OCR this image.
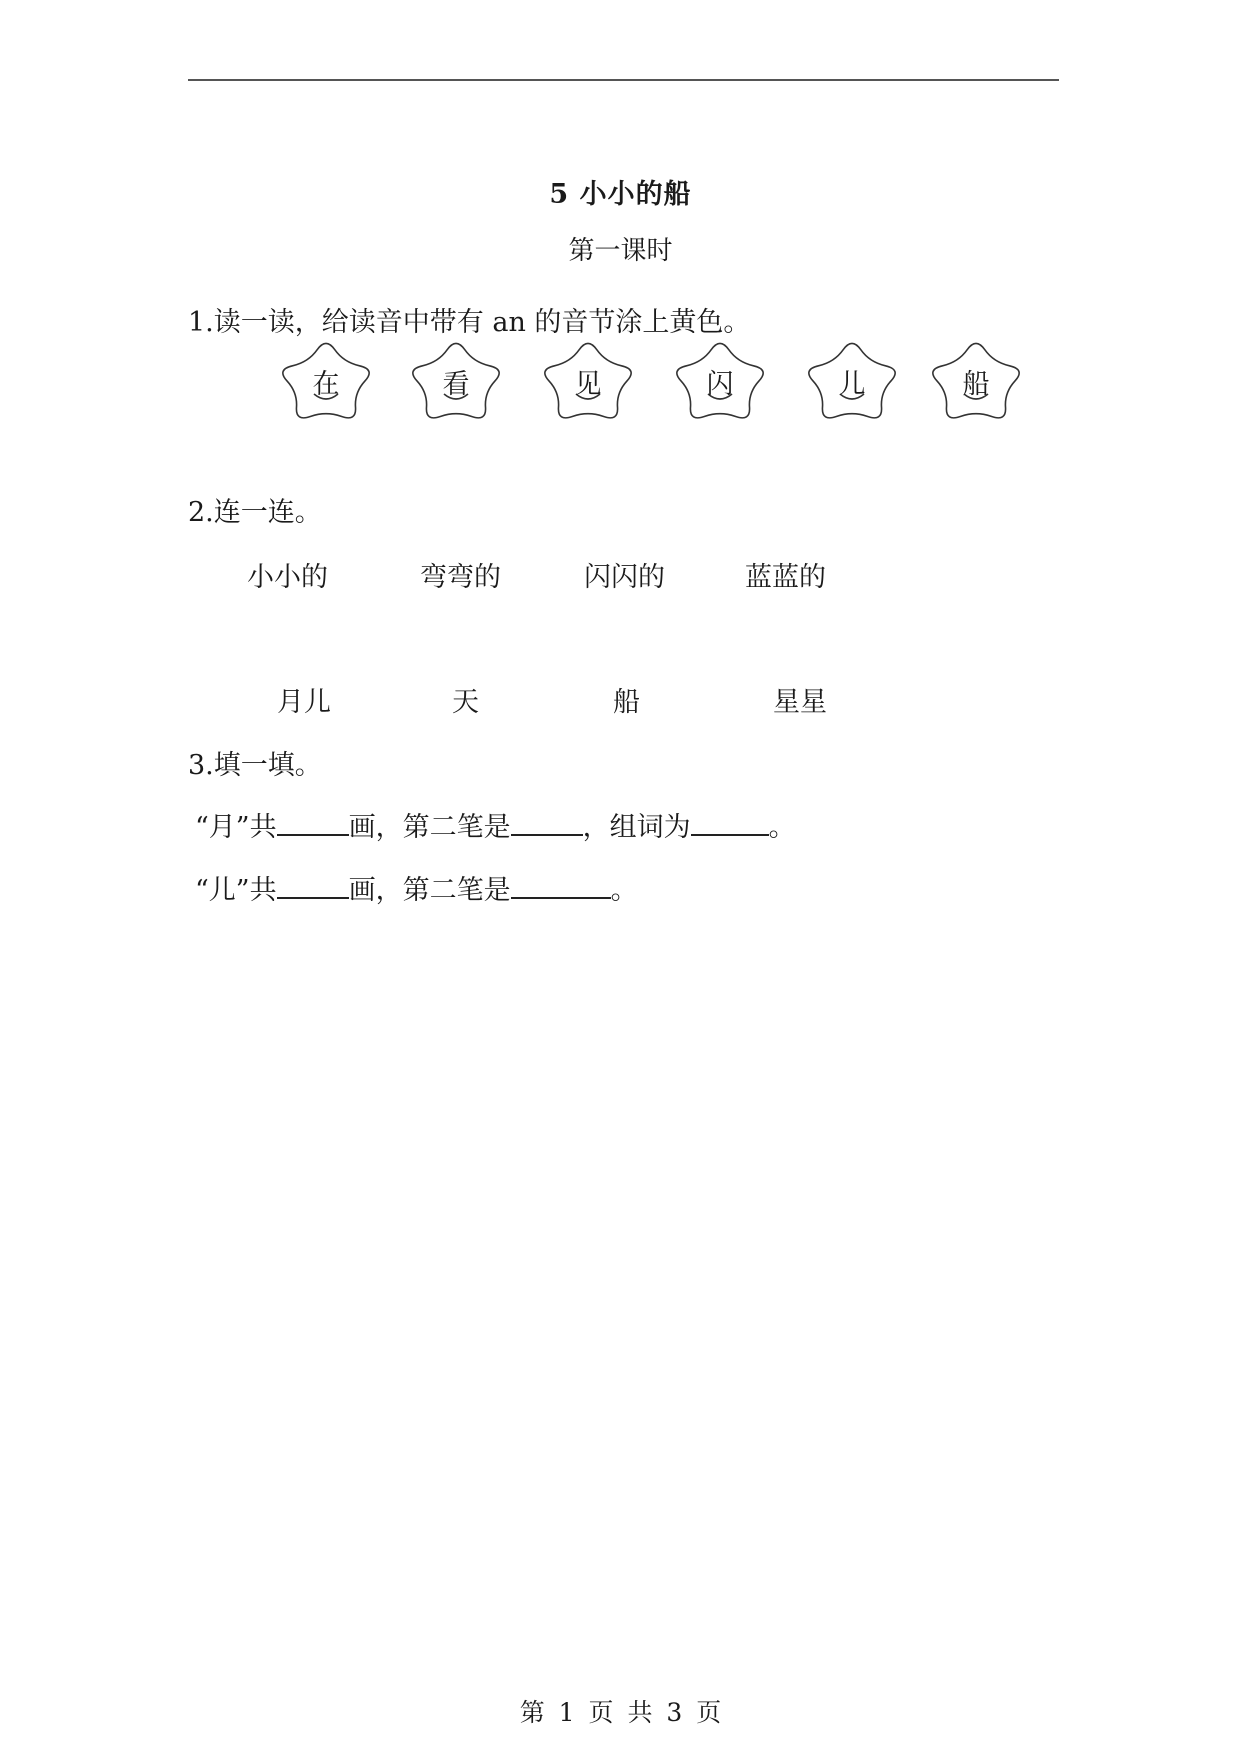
5 小小的船
第一课时
1.读一读，给读音中带有 an 的音节涂上黄色。
在	看	见	闪	儿	船
2.连一连。
小小的	弯弯的	闪闪的	蓝蓝的
月儿	天	船	星星
3.填一填。
“月”共	画，第二笔是	，组词为	。
“儿”共	画，第二笔是	。
第 1 页 共 3 页
